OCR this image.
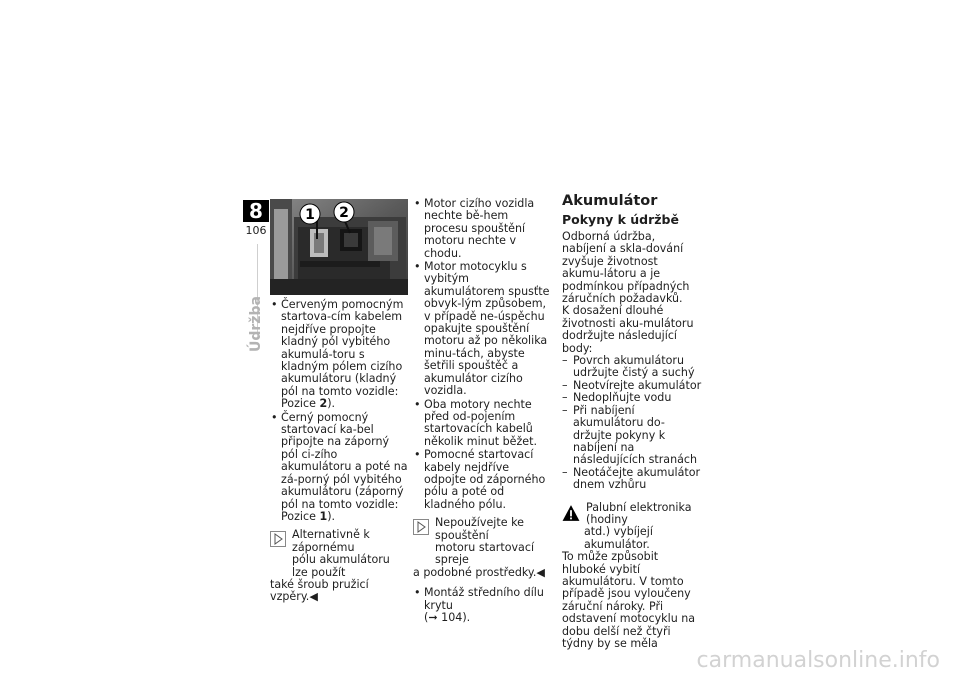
8
106
Údržba
1 2
• Červeným pomocným startova-cím kabelem nejdříve propojte kladný pól vybitého akumulá-toru s kladným pólem cizího akumulátoru (kladný pól na tomto vozidle: Pozice 2).
• Černý pomocný startovací ka-bel připojte na záporný pól ci-zího akumulátoru a poté na zá-porný pól vybitého akumulátoru (záporný pól na tomto vozidle: Pozice 1).
Alternativně k zápornému
pólu akumulátoru lze použít
také šroub pružicí vzpěry.◀
• Motor cizího vozidla nechte bě-hem procesu spouštění motoru nechte v chodu.
• Motor motocyklu s vybitým akumulátorem spusťte obvyk-lým způsobem, v případě ne-úspěchu opakujte spouštění motoru až po několika minu-tách, abyste šetřili spouštěč a akumulátor cizího vozidla.
• Oba motory nechte před od-pojením startovacích kabelů několik minut běžet.
• Pomocné startovací kabely nejdříve odpojte od záporného pólu a poté od kladného pólu.
Nepoužívejte ke spouštění
motoru startovací spreje
a podobné prostředky.◀
• Montáž středního dílu krytu
(➞ 104).
Akumulátor
Pokyny k údržbě
Odborná údržba, nabíjení a skla-dování zvyšuje životnost akumu-látoru a je podmínkou případných záručních požadavků.
K dosažení dlouhé životnosti aku-mulátoru dodržujte následující body:
– Povrch akumulátoru udržujte čistý a suchý
– Neotvírejte akumulátor
– Nedoplňujte vodu
– Při nabíjení akumulátoru do-držujte pokyny k nabíjení na následujících stranách
– Neotáčejte akumulátor dnem vzhůru
Palubní elektronika (hodiny
atd.) vybíjejí akumulátor.
To může způsobit hluboké vybití akumulátoru. V tomto případě jsou vyloučeny záruční nároky. Při odstavení motocyklu na dobu delší než čtyři týdny by se měla
carmanualsonline.info
